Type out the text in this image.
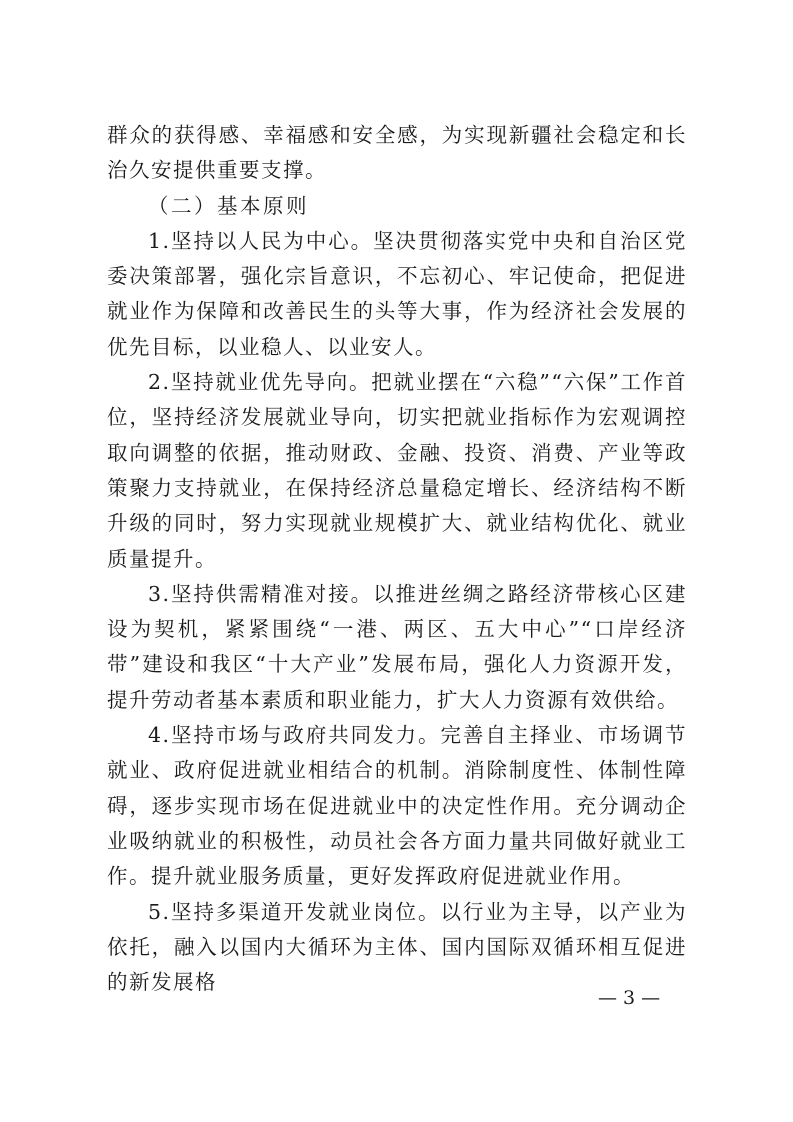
群众的获得感、幸福感和安全感，为实现新疆社会稳定和长治久安提供重要支撑。

（二）基本原则

1.坚持以人民为中心。坚决贯彻落实党中央和自治区党委决策部署，强化宗旨意识，不忘初心、牢记使命，把促进就业作为保障和改善民生的头等大事，作为经济社会发展的优先目标，以业稳人、以业安人。

2.坚持就业优先导向。把就业摆在“六稳”“六保”工作首位，坚持经济发展就业导向，切实把就业指标作为宏观调控取向调整的依据，推动财政、金融、投资、消费、产业等政策聚力支持就业，在保持经济总量稳定增长、经济结构不断升级的同时，努力实现就业规模扩大、就业结构优化、就业质量提升。

3.坚持供需精准对接。以推进丝绸之路经济带核心区建设为契机，紧紧围绕“一港、两区、五大中心”“口岸经济带”建设和我区“十大产业”发展布局，强化人力资源开发，提升劳动者基本素质和职业能力，扩大人力资源有效供给。

4.坚持市场与政府共同发力。完善自主择业、市场调节就业、政府促进就业相结合的机制。消除制度性、体制性障碍，逐步实现市场在促进就业中的决定性作用。充分调动企业吸纳就业的积极性，动员社会各方面力量共同做好就业工作。提升就业服务质量，更好发挥政府促进就业作用。

5.坚持多渠道开发就业岗位。以行业为主导，以产业为依托，融入以国内大循环为主体、国内国际双循环相互促进的新发展格

— 3 —
